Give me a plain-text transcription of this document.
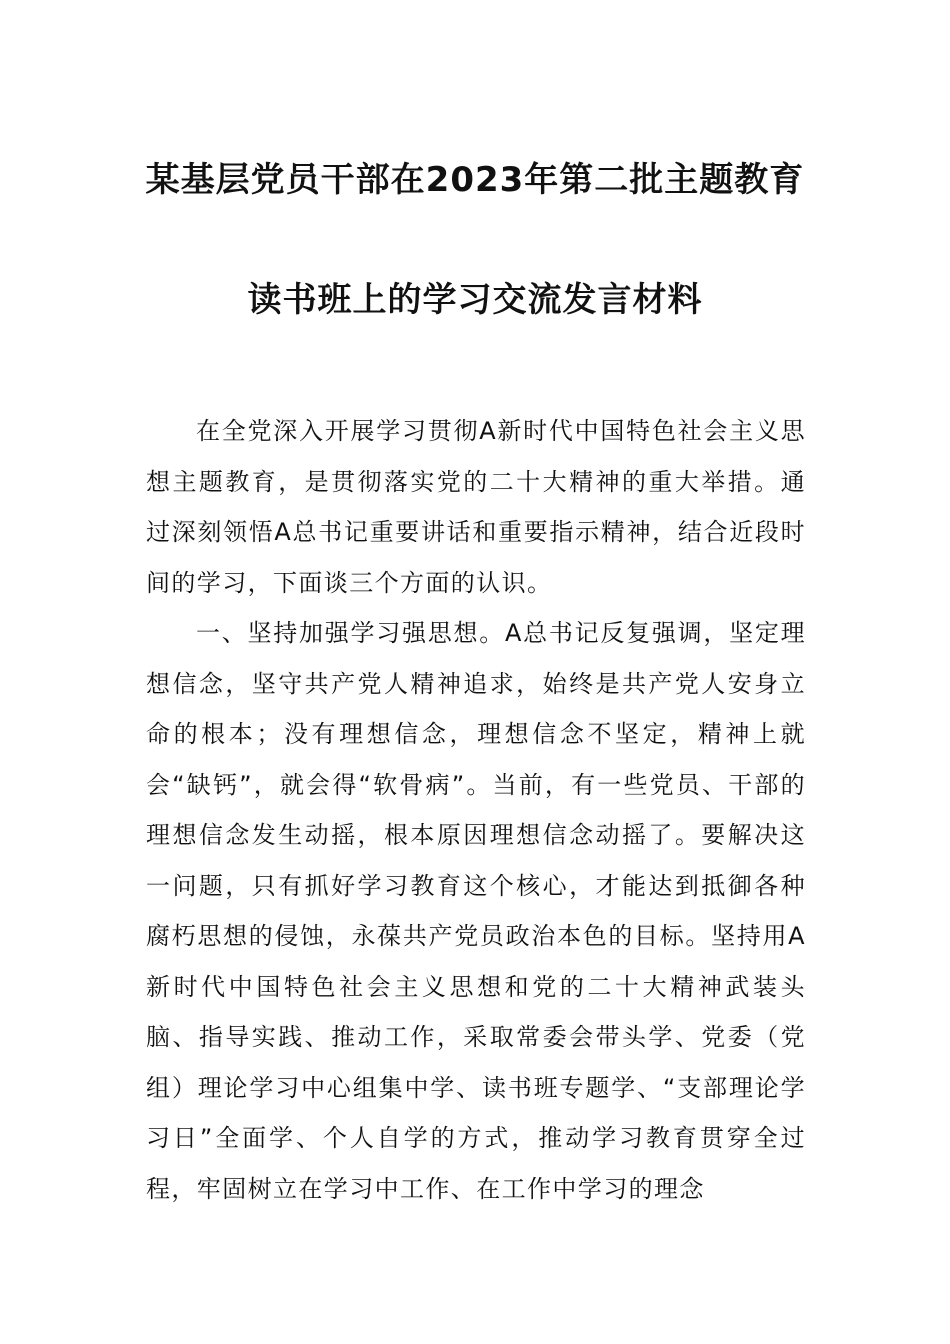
某基层党员干部在2023年第二批主题教育
读书班上的学习交流发言材料

在全党深入开展学习贯彻A新时代中国特色社会主义思想主题教育，是贯彻落实党的二十大精神的重大举措。通过深刻领悟A总书记重要讲话和重要指示精神，结合近段时间的学习，下面谈三个方面的认识。

一、坚持加强学习强思想。A总书记反复强调，坚定理想信念，坚守共产党人精神追求，始终是共产党人安身立命的根本；没有理想信念，理想信念不坚定，精神上就会“缺钙”，就会得“软骨病”。当前，有一些党员、干部的理想信念发生动摇，根本原因理想信念动摇了。要解决这一问题，只有抓好学习教育这个核心，才能达到抵御各种腐朽思想的侵蚀，永葆共产党员政治本色的目标。坚持用A新时代中国特色社会主义思想和党的二十大精神武装头脑、指导实践、推动工作，采取常委会带头学、党委（党组）理论学习中心组集中学、读书班专题学、“支部理论学习日”全面学、个人自学的方式，推动学习教育贯穿全过程，牢固树立在学习中工作、在工作中学习的理念
